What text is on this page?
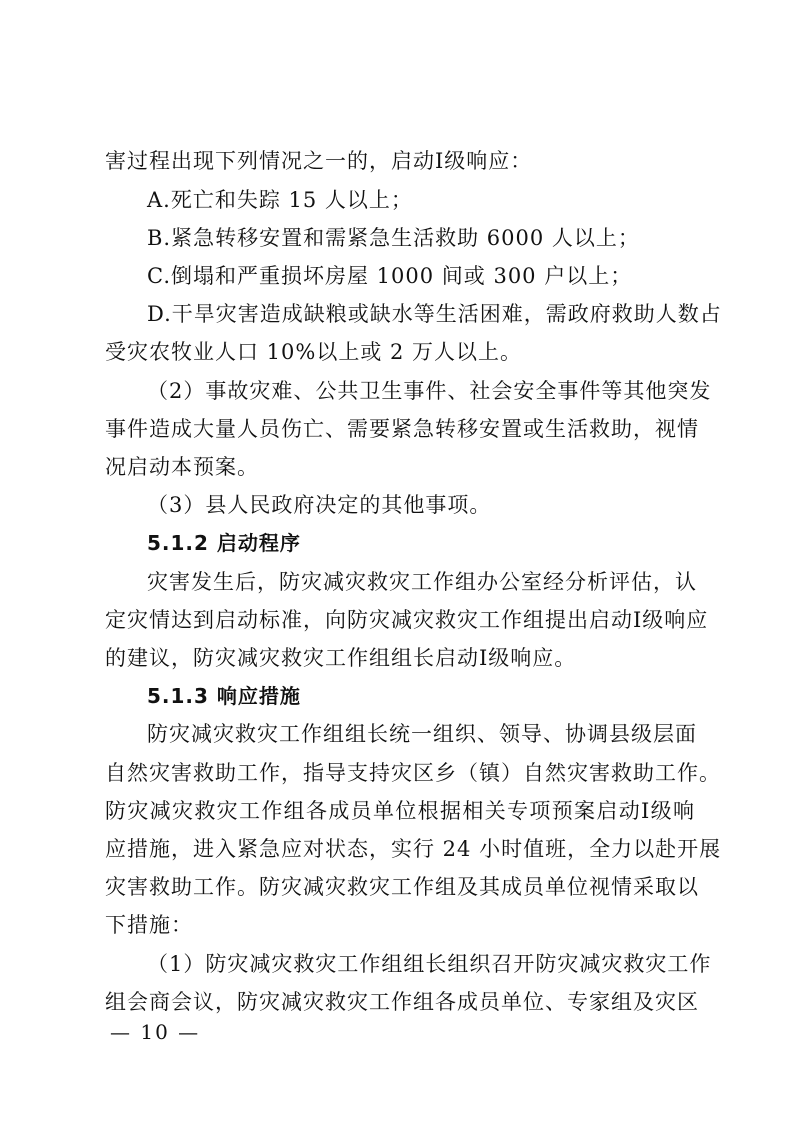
害过程出现下列情况之一的，启动Ⅰ级响应：
A.死亡和失踪 15 人以上；
B.紧急转移安置和需紧急生活救助 6000 人以上；
C.倒塌和严重损坏房屋 1000 间或 300 户以上；
D.干旱灾害造成缺粮或缺水等生活困难，需政府救助人数占
受灾农牧业人口 10%以上或 2 万人以上。
（2）事故灾难、公共卫生事件、社会安全事件等其他突发
事件造成大量人员伤亡、需要紧急转移安置或生活救助，视情
况启动本预案。
（3）县人民政府决定的其他事项。
5.1.2 启动程序
灾害发生后，防灾减灾救灾工作组办公室经分析评估，认
定灾情达到启动标准，向防灾减灾救灾工作组提出启动Ⅰ级响应
的建议，防灾减灾救灾工作组组长启动Ⅰ级响应。
5.1.3 响应措施
防灾减灾救灾工作组组长统一组织、领导、协调县级层面
自然灾害救助工作，指导支持灾区乡（镇）自然灾害救助工作。
防灾减灾救灾工作组各成员单位根据相关专项预案启动Ⅰ级响
应措施，进入紧急应对状态，实行 24 小时值班，全力以赴开展
灾害救助工作。防灾减灾救灾工作组及其成员单位视情采取以
下措施：
（1）防灾减灾救灾工作组组长组织召开防灾减灾救灾工作
组会商会议，防灾减灾救灾工作组各成员单位、专家组及灾区
— 10 —
